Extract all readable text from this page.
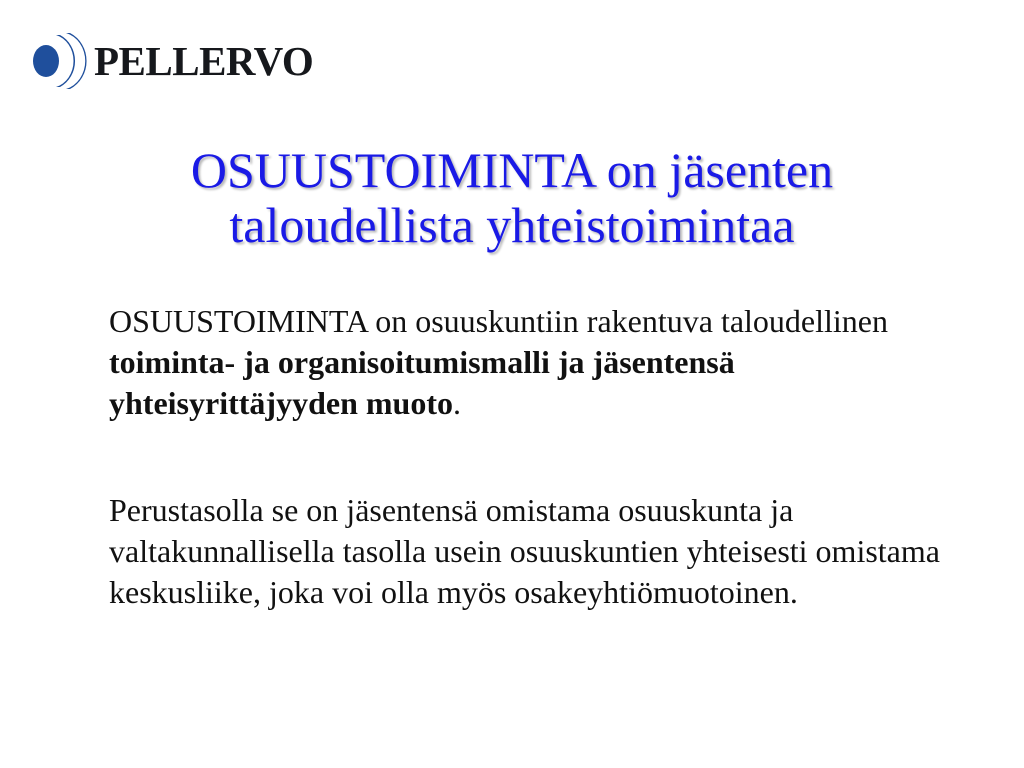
PELLERVO
OSUUSTOIMINTA on jäsenten
taloudellista yhteistoimintaa

OSUUSTOIMINTA on osuuskuntiin rakentuva taloudellinen toiminta- ja organisoitumismalli ja jäsentensä yhteisyrittäjyyden muoto.

Perustasolla se on jäsentensä omistama osuuskunta ja valtakunnallisella tasolla usein osuuskuntien yhteisesti omistama keskusliike, joka voi olla myös osakeyhtiömuotoinen.
